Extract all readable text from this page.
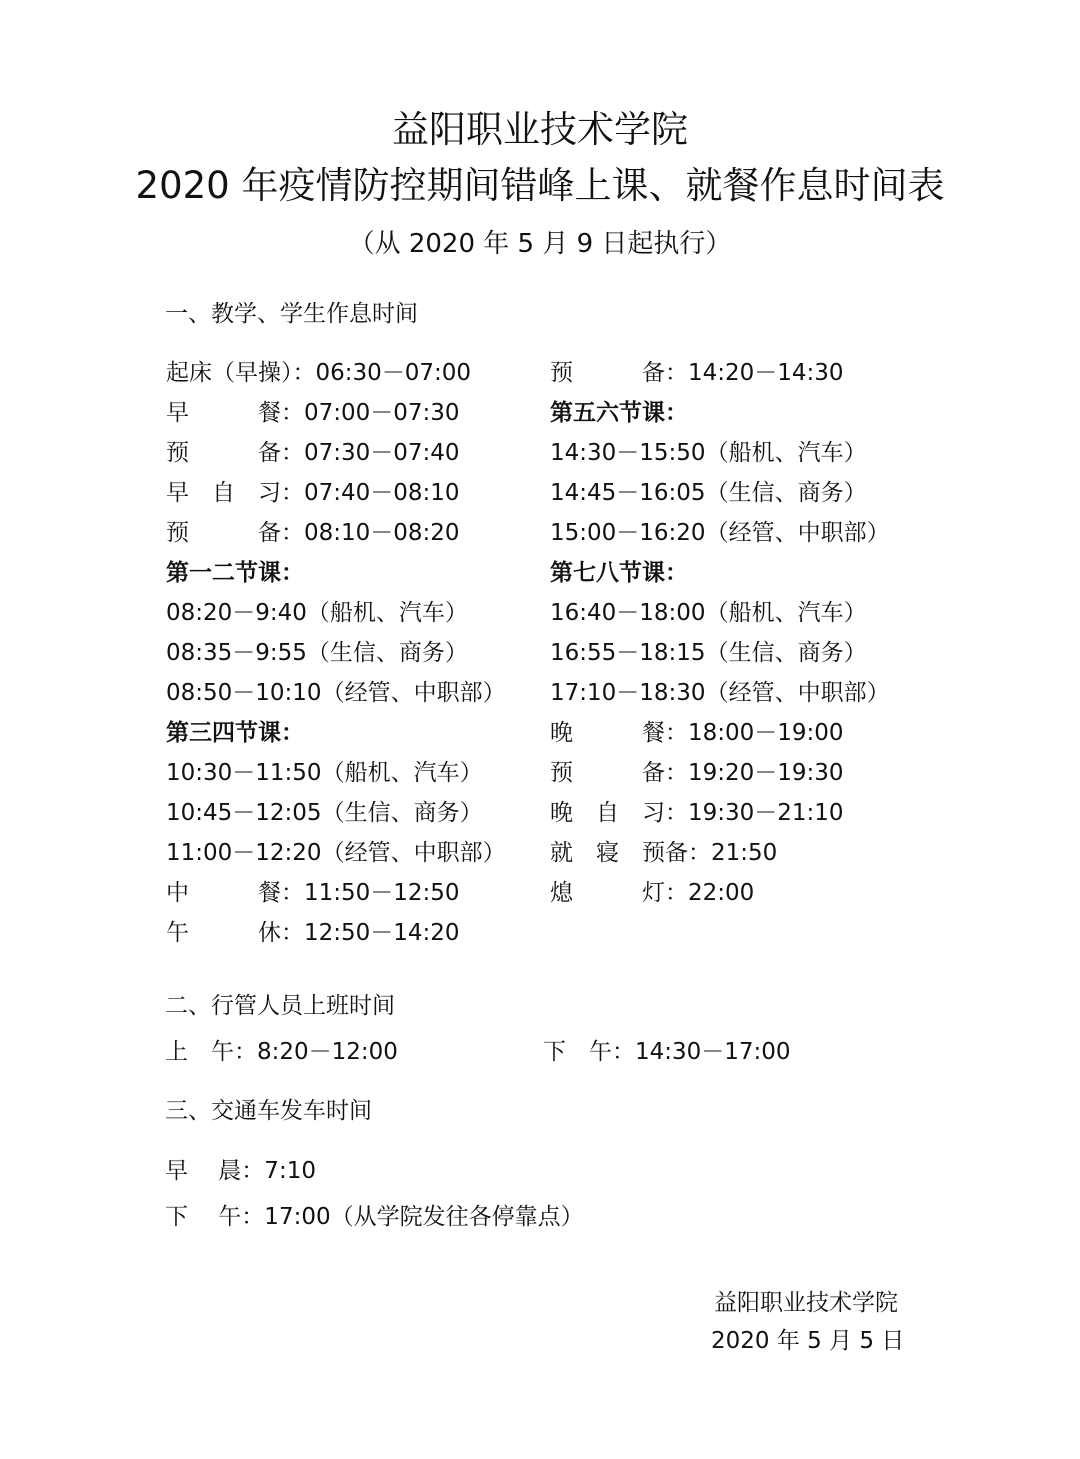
益阳职业技术学院
2020 年疫情防控期间错峰上课、就餐作息时间表
（从 2020 年 5 月 9 日起执行）
一、教学、学生作息时间
起床（早操）：06:30－07:00
早　　　餐：07:00－07:30
预　　　备：07:30－07:40
早　自　习：07:40－08:10
预　　　备：08:10－08:20
第一二节课：
08:20－9:40（船机、汽车）
08:35－9:55（生信、商务）
08:50－10:10（经管、中职部）
第三四节课：
10:30－11:50（船机、汽车）
10:45－12:05（生信、商务）
11:00－12:20（经管、中职部）
中　　　餐：11:50－12:50
午　　　休：12:50－14:20
预　　　备：14:20－14:30
第五六节课：
14:30－15:50（船机、汽车）
14:45－16:05（生信、商务）
15:00－16:20（经管、中职部）
第七八节课：
16:40－18:00（船机、汽车）
16:55－18:15（生信、商务）
17:10－18:30（经管、中职部）
晚　　　餐：18:00－19:00
预　　　备：19:20－19:30
晚　自　习：19:30－21:10
就　寝　预备：21:50
熄　　　灯：22:00
二、行管人员上班时间
上　午：8:20－12:00	下　午：14:30－17:00
三、交通车发车时间
早　 晨：7:10
下　 午：17:00（从学院发往各停靠点）
益阳职业技术学院
2020 年 5 月 5 日
